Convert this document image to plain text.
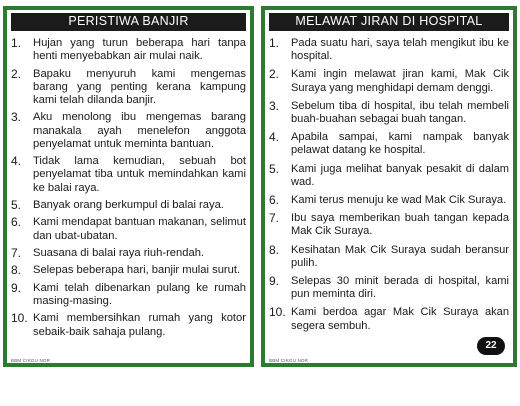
PERISTIWA BANJIR
1.	Hujan yang turun beberapa hari tanpa henti menyebabkan air mulai naik.
2.	Bapaku menyuruh kami mengemas barang yang penting kerana kampung kami telah dilanda banjir.
3.	Aku menolong ibu mengemas barang manakala ayah menelefon anggota penyelamat untuk meminta bantuan.
4.	Tidak lama kemudian, sebuah bot penyelamat tiba untuk memindahkan kami ke balai raya.
5.	Banyak orang berkumpul di balai raya.
6.	Kami mendapat bantuan makanan, selimut dan ubat-ubatan.
7.	Suasana di balai raya riuh-rendah.
8.	Selepas beberapa hari, banjir mulai surut.
9.	Kami telah dibenarkan pulang ke rumah masing-masing.
10. Kami membersihkan rumah yang kotor sebaik-baik sahaja pulang.
BBM CIKGU NOR
MELAWAT JIRAN DI HOSPITAL
1.	Pada suatu hari, saya telah mengikut ibu ke hospital.
2.	Kami ingin melawat jiran kami, Mak Cik Suraya yang menghidapi demam denggi.
3.	Sebelum tiba di hospital, ibu telah membeli buah-buahan sebagai buah tangan.
4.	Apabila sampai, kami nampak banyak pelawat datang ke hospital.
5.	Kami juga melihat banyak pesakit di dalam wad.
6.	Kami terus menuju ke wad Mak Cik Suraya.
7.	Ibu saya memberikan buah tangan kepada Mak Cik Suraya.
8.	Kesihatan Mak Cik Suraya sudah beransur pulih.
9.	Selepas 30 minit berada di hospital, kami pun meminta diri.
10. Kami berdoa agar Mak Cik Suraya akan segera sembuh.
BBM CIKGU NOR
22
